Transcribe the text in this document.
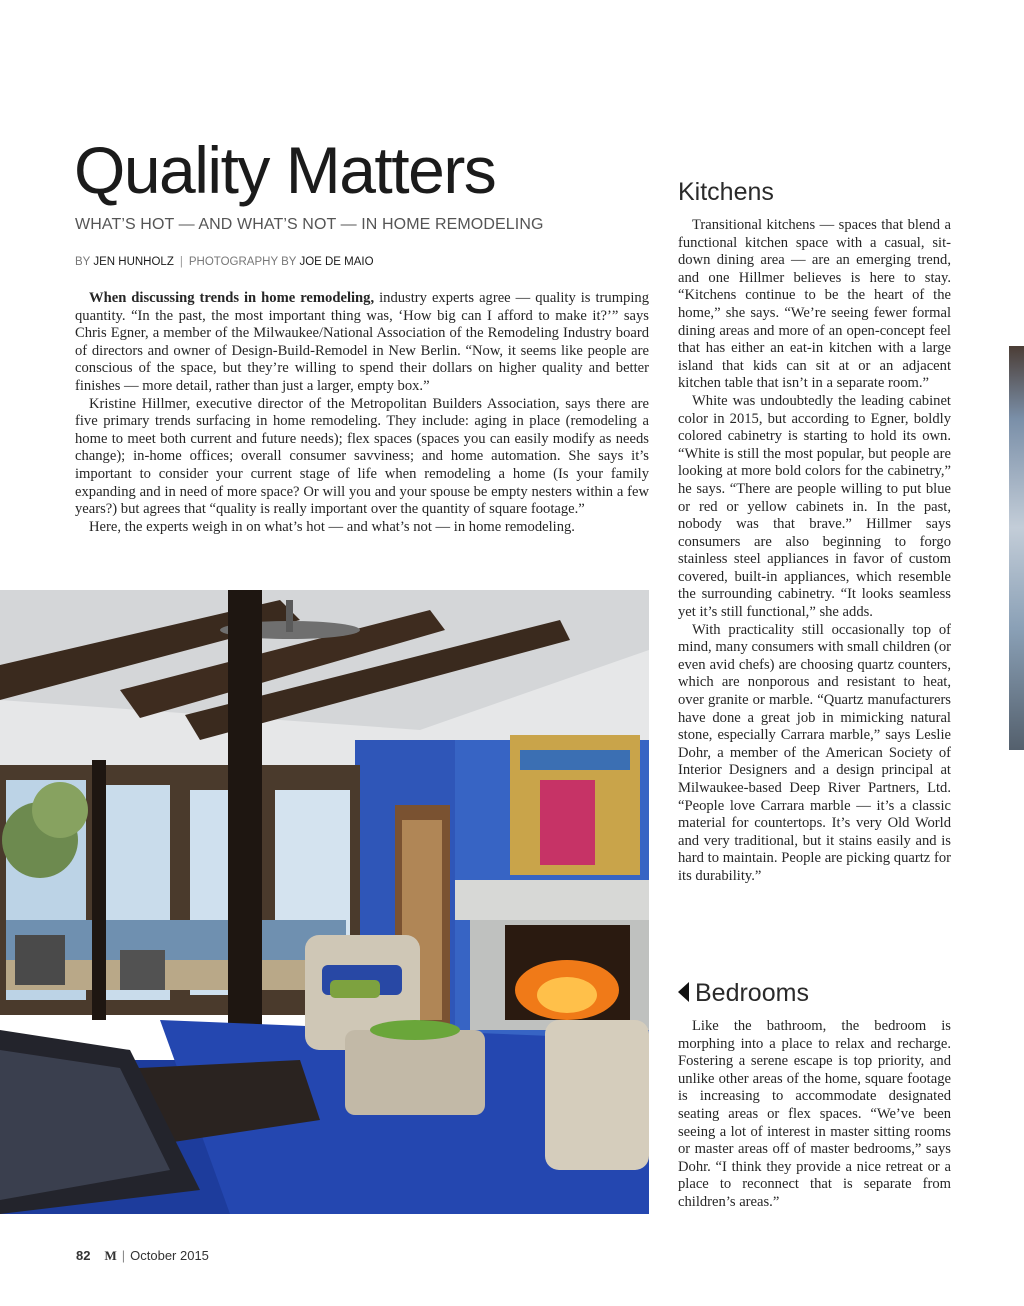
Quality Matters
WHAT’S HOT — AND WHAT’S NOT — IN HOME REMODELING
BY JEN HUNHOLZ | PHOTOGRAPHY BY JOE DE MAIO

When discussing trends in home remodeling, industry experts agree — quality is trumping quantity. “In the past, the most important thing was, ‘How big can I afford to make it?’” says Chris Egner, a member of the Milwaukee/National Association of the Remodeling Industry board of directors and owner of Design-Build-Remodel in New Berlin. “Now, it seems like people are conscious of the space, but they’re willing to spend their dollars on higher quality and better finishes — more detail, rather than just a larger, empty box.”

Kristine Hillmer, executive director of the Metropolitan Builders Association, says there are five primary trends surfacing in home remodeling. They include: aging in place (remodeling a home to meet both current and future needs); flex spaces (spaces you can easily modify as needs change); in-home offices; overall consumer savviness; and home automation. She says it’s important to consider your current stage of life when remodeling a home (Is your family expanding and in need of more space? Or will you and your spouse be empty nesters within a few years?) but agrees that “quality is really important over the quantity of square footage.”

Here, the experts weigh in on what’s hot — and what’s not — in home remodeling.

Kitchens

Transitional kitchens — spaces that blend a functional kitchen space with a casual, sit-down dining area — are an emerging trend, and one Hillmer believes is here to stay. “Kitchens continue to be the heart of the home,” she says. “We’re seeing fewer formal dining areas and more of an open-concept feel that has either an eat-in kitchen with a large island that kids can sit at or an adjacent kitchen table that isn’t in a separate room.”

White was undoubtedly the leading cabinet color in 2015, but according to Egner, boldly colored cabinetry is starting to hold its own. “White is still the most popular, but people are looking at more bold colors for the cabinetry,” he says. “There are people willing to put blue or red or yellow cabinets in. In the past, nobody was that brave.” Hillmer says consumers are also beginning to forgo stainless steel appliances in favor of custom covered, built-in appliances, which resemble the surrounding cabinetry. “It looks seamless yet it’s still functional,” she adds.

With practicality still occasionally top of mind, many consumers with small children (or even avid chefs) are choosing quartz counters, which are nonporous and resistant to heat, over granite or marble. “Quartz manufacturers have done a great job in mimicking natural stone, especially Carrara marble,” says Leslie Dohr, a member of the American Society of Interior Designers and a design principal at Milwaukee-based Deep River Partners, Ltd. “People love Carrara marble — it’s a classic material for countertops. It’s very Old World and very traditional, but it stains easily and is hard to maintain. People are picking quartz for its durability.”

Bedrooms

Like the bathroom, the bedroom is morphing into a place to relax and recharge. Fostering a serene escape is top priority, and unlike other areas of the home, square footage is increasing to accommodate designated seating areas or flex spaces. “We’ve been seeing a lot of interest in master sitting rooms or master areas off of master bedrooms,” says Dohr. “I think they provide a nice retreat or a place to reconnect that is separate from children’s areas.”

82 M | October 2015
